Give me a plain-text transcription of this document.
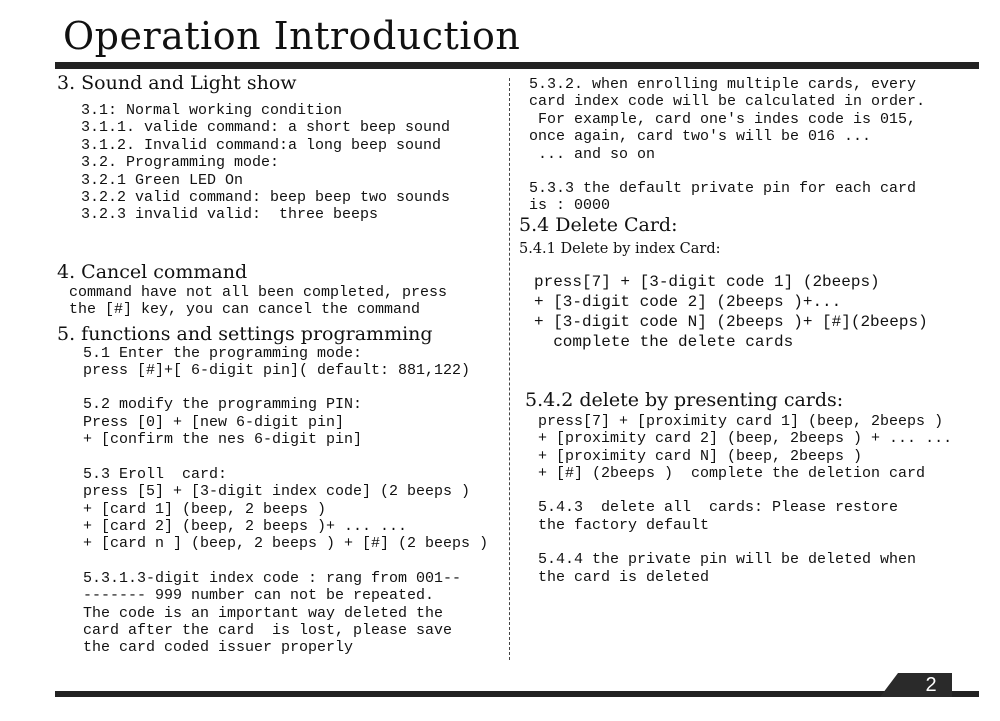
Operation Introduction
3. Sound and Light show
3.1: Normal working condition
3.1.1. valide command: a short beep sound
3.1.2. Invalid command:a long beep sound
3.2. Programming mode:
3.2.1 Green LED On
3.2.2 valid command: beep beep two sounds
3.2.3 invalid valid:  three beeps
4. Cancel command
command have not all been completed, press
the [#] key, you can cancel the command
5. functions and settings programming
5.1 Enter the programming mode:
press [#]+[ 6-digit pin]( default: 881,122)
5.2 modify the programming PIN:
Press [0] + [new 6-digit pin]
+ [confirm the nes 6-digit pin]
5.3 Eroll  card:
press [5] + [3-digit index code] (2 beeps )
+ [card 1] (beep, 2 beeps )
+ [card 2] (beep, 2 beeps )+ ... ...
+ [card n ] (beep, 2 beeps ) + [#] (2 beeps )
5.3.1.3-digit index code : rang from 001--
------- 999 number can not be repeated.
The code is an important way deleted the
card after the card  is lost, please save
the card coded issuer properly
5.3.2. when enrolling multiple cards, every
card index code will be calculated in order.
For example, card one's indes code is 015,
once again, card two's will be 016 ...
... and so on
5.3.3 the default private pin for each card
is : 0000
5.4 Delete Card:
5.4.1 Delete by index Card:
press[7] + [3-digit code 1] (2beeps)
+ [3-digit code 2] (2beeps )+...
+ [3-digit code N] (2beeps )+ [#](2beeps)
complete the delete cards
5.4.2 delete by presenting cards:
press[7] + [proximity card 1] (beep, 2beeps )
+ [proximity card 2] (beep, 2beeps ) + ... ...
+ [proximity card N] (beep, 2beeps )
+ [#] (2beeps )  complete the deletion card
5.4.3  delete all  cards: Please restore
the factory default
5.4.4 the private pin will be deleted when
the card is deleted
2
